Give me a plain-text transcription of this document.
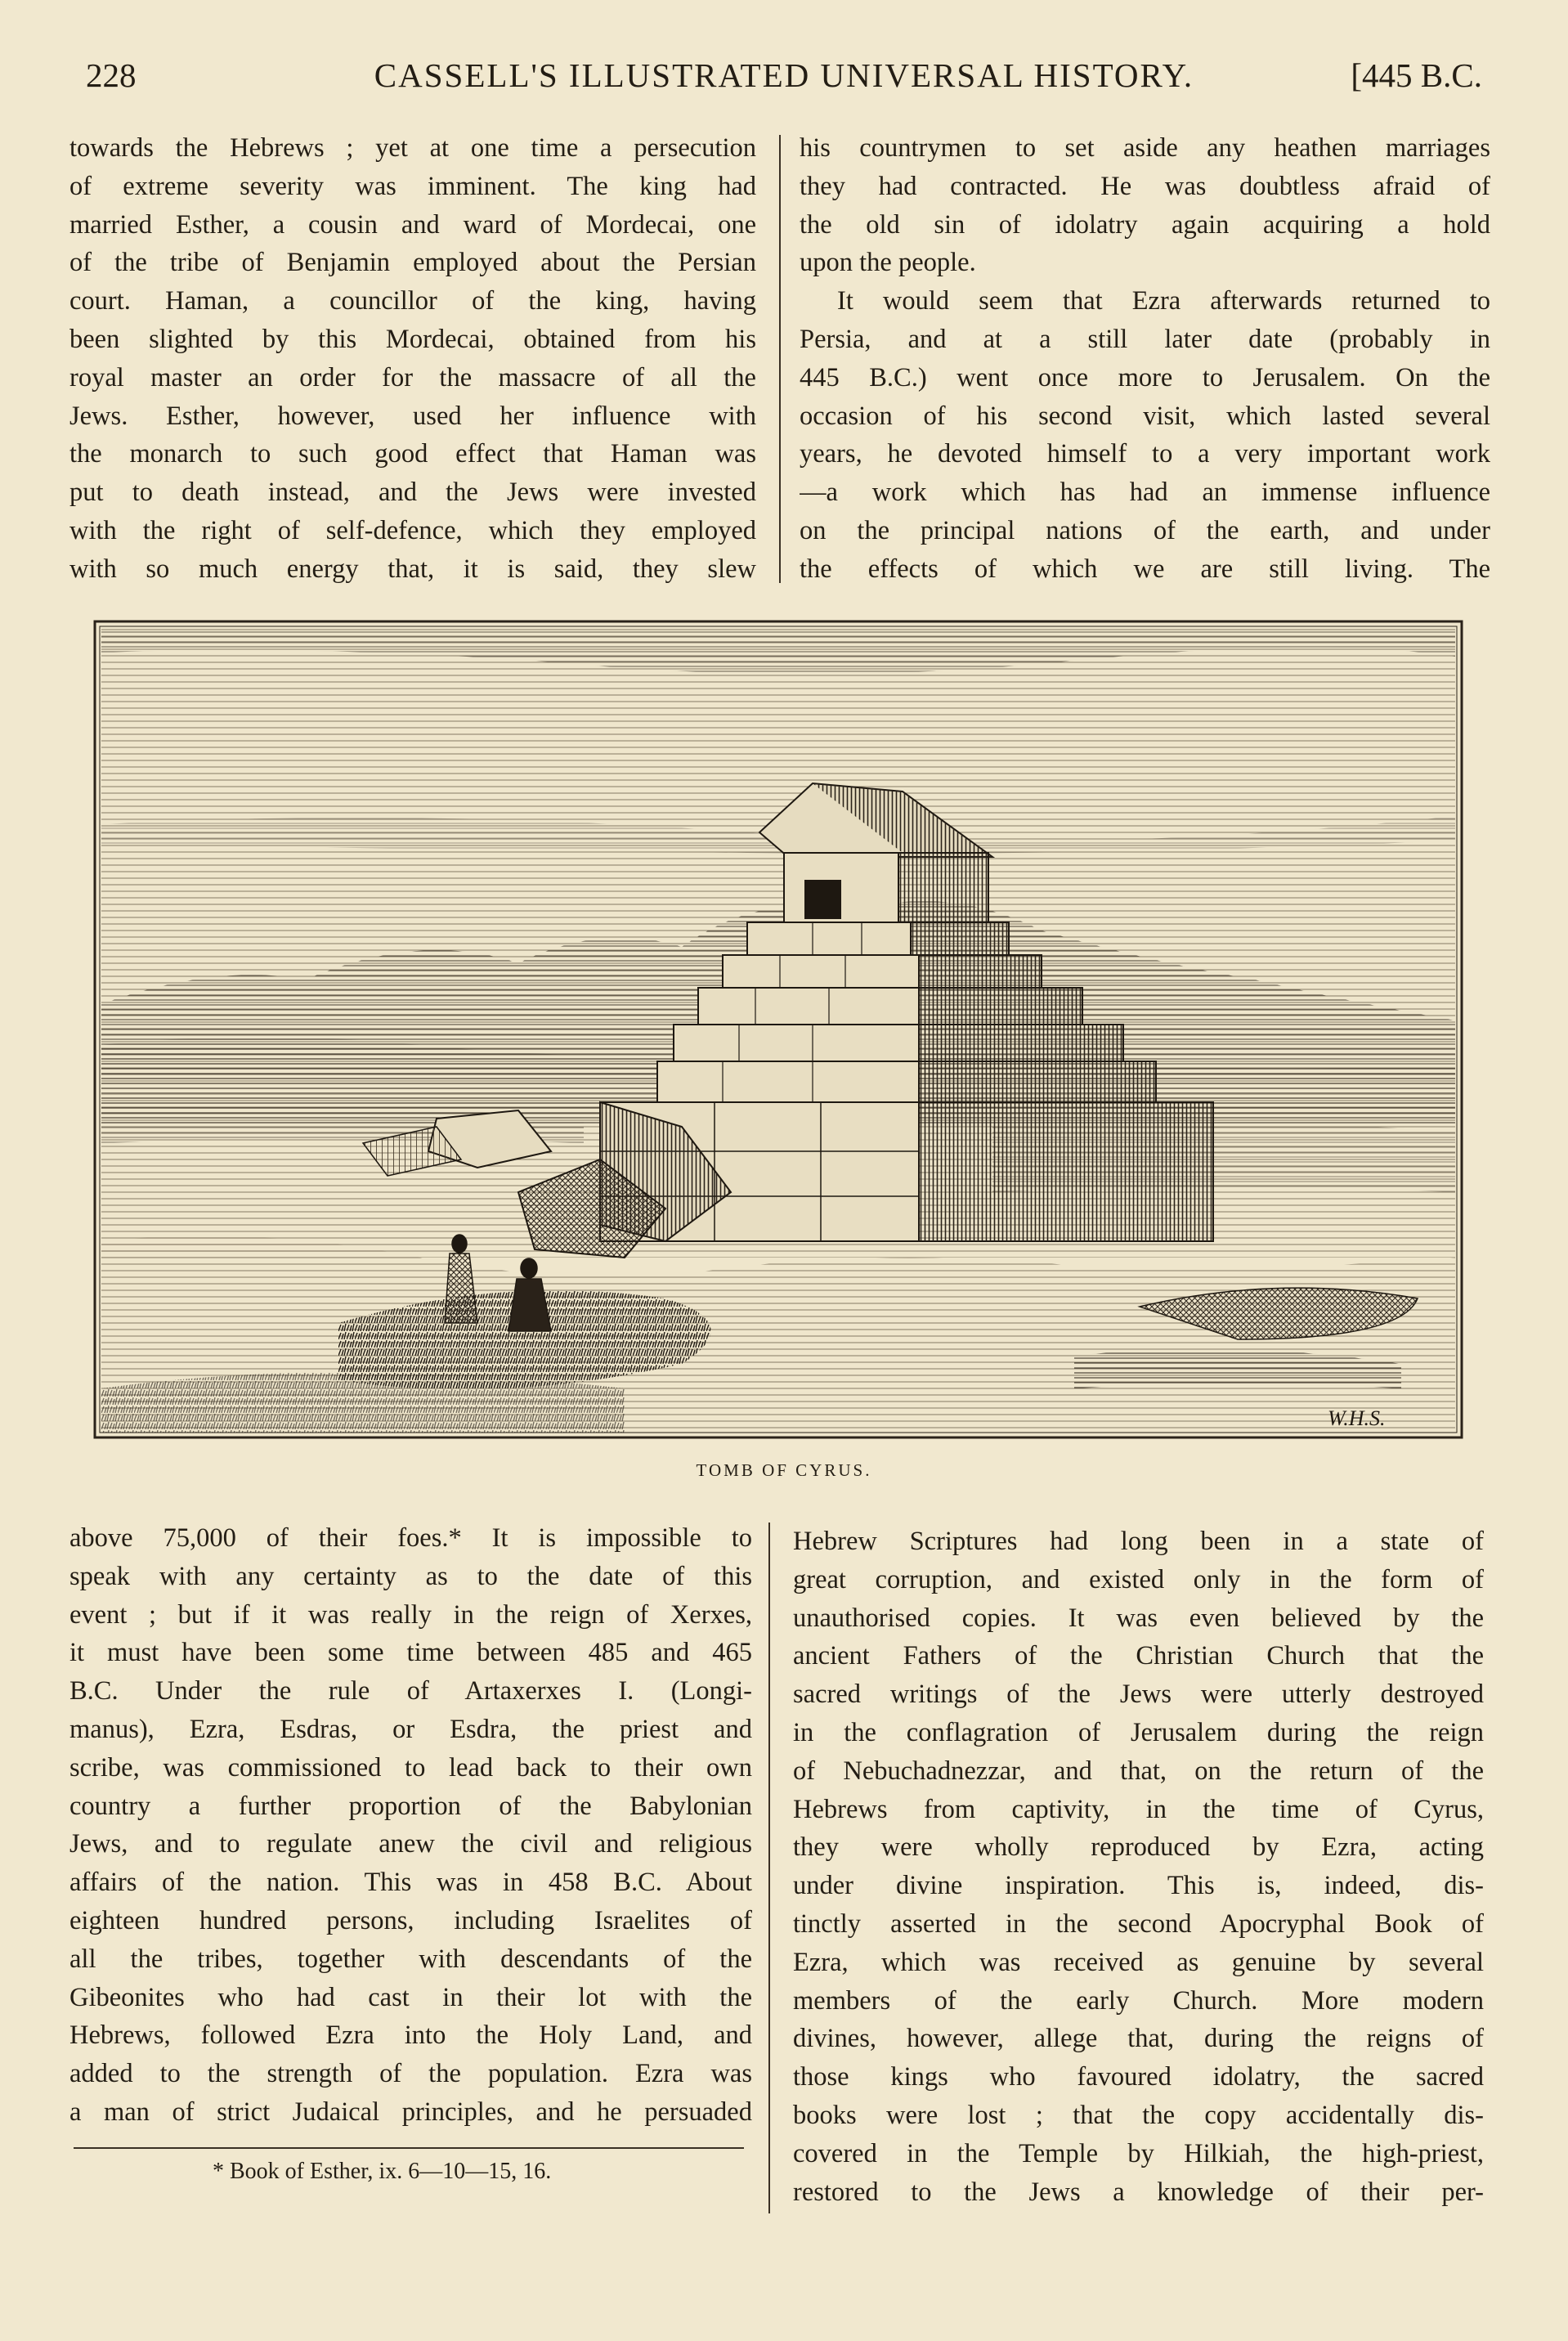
228	CASSELL'S ILLUSTRATED UNIVERSAL HISTORY.	[445 B.C.
towards the Hebrews ; yet at one time a persecution
of extreme severity was imminent. The king had
married Esther, a cousin and ward of Mordecai, one
of the tribe of Benjamin employed about the Persian
court. Haman, a councillor of the king, having
been slighted by this Mordecai, obtained from his
royal master an order for the massacre of all the
Jews. Esther, however, used her influence with
the monarch to such good effect that Haman was
put to death instead, and the Jews were invested
with the right of self-defence, which they employed
with so much energy that, it is said, they slew
his countrymen to set aside any heathen marriages
they had contracted. He was doubtless afraid of
the old sin of idolatry again acquiring a hold
upon the people.
It would seem that Ezra afterwards returned to
Persia, and at a still later date (probably in
445 B.C.) went once more to Jerusalem. On the
occasion of his second visit, which lasted several
years, he devoted himself to a very important work
—a work which has had an immense influence
on the principal nations of the earth, and under
the effects of which we are still living. The
W.H.S.
TOMB OF CYRUS.
above 75,000 of their foes.* It is impossible to
speak with any certainty as to the date of this
event ; but if it was really in the reign of Xerxes,
it must have been some time between 485 and 465
B.C. Under the rule of Artaxerxes I. (Longi-
manus), Ezra, Esdras, or Esdra, the priest and
scribe, was commissioned to lead back to their own
country a further proportion of the Babylonian
Jews, and to regulate anew the civil and religious
affairs of the nation. This was in 458 B.C. About
eighteen hundred persons, including Israelites of
all the tribes, together with descendants of the
Gibeonites who had cast in their lot with the
Hebrews, followed Ezra into the Holy Land, and
added to the strength of the population. Ezra was
a man of strict Judaical principles, and he persuaded
* Book of Esther, ix. 6—10—15, 16.
Hebrew Scriptures had long been in a state of
great corruption, and existed only in the form of
unauthorised copies. It was even believed by the
ancient Fathers of the Christian Church that the
sacred writings of the Jews were utterly destroyed
in the conflagration of Jerusalem during the reign
of Nebuchadnezzar, and that, on the return of the
Hebrews from captivity, in the time of Cyrus,
they were wholly reproduced by Ezra, acting
under divine inspiration. This is, indeed, dis-
tinctly asserted in the second Apocryphal Book of
Ezra, which was received as genuine by several
members of the early Church. More modern
divines, however, allege that, during the reigns of
those kings who favoured idolatry, the sacred
books were lost ; that the copy accidentally dis-
covered in the Temple by Hilkiah, the high-priest,
restored to the Jews a knowledge of their per-
